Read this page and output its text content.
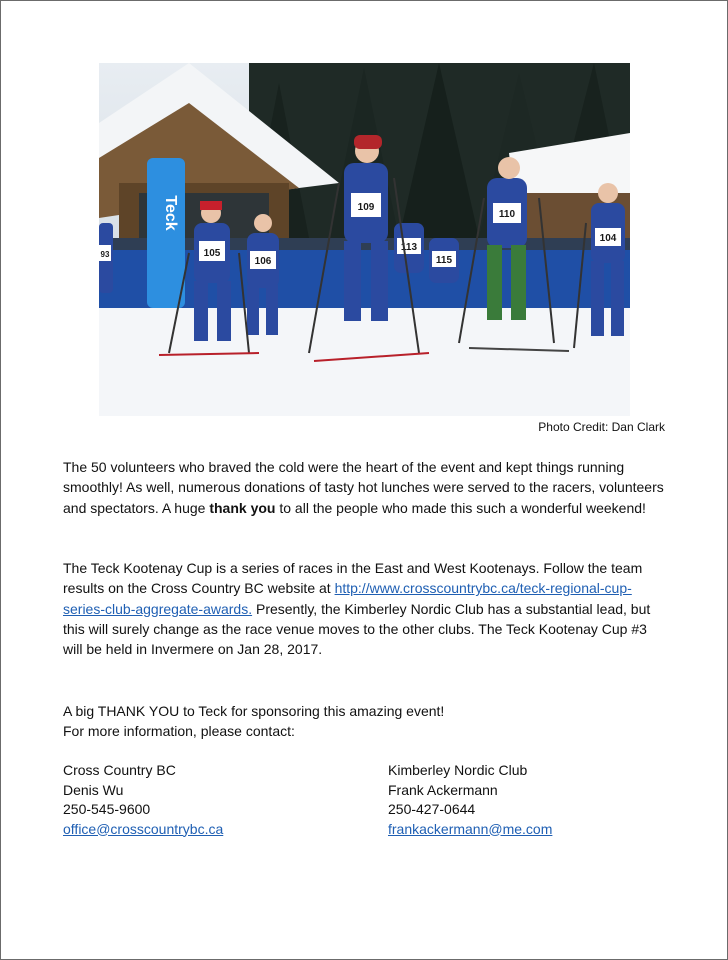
Teck
105
106
109
113
115
110
104
93
Photo Credit: Dan Clark

The 50 volunteers who braved the cold were the heart of the event and kept things running smoothly! As well, numerous donations of tasty hot lunches were served to the racers, volunteers and spectators. A huge thank you to all the people who made this such a wonderful weekend!

The Teck Kootenay Cup is a series of races in the East and West Kootenays. Follow the team results on the Cross Country BC website at http://www.crosscountrybc.ca/teck-regional-cup-series-club-aggregate-awards. Presently, the Kimberley Nordic Club has a substantial lead, but this will surely change as the race venue moves to the other clubs. The Teck Kootenay Cup #3 will be held in Invermere on Jan 28, 2017.

A big THANK YOU to Teck for sponsoring this amazing event!

For more information, please contact:

Cross Country BC
Denis Wu
250-545-9600
office@crosscountrybc.ca
Kimberley Nordic Club
Frank Ackermann
250-427-0644
frankackermann@me.com
